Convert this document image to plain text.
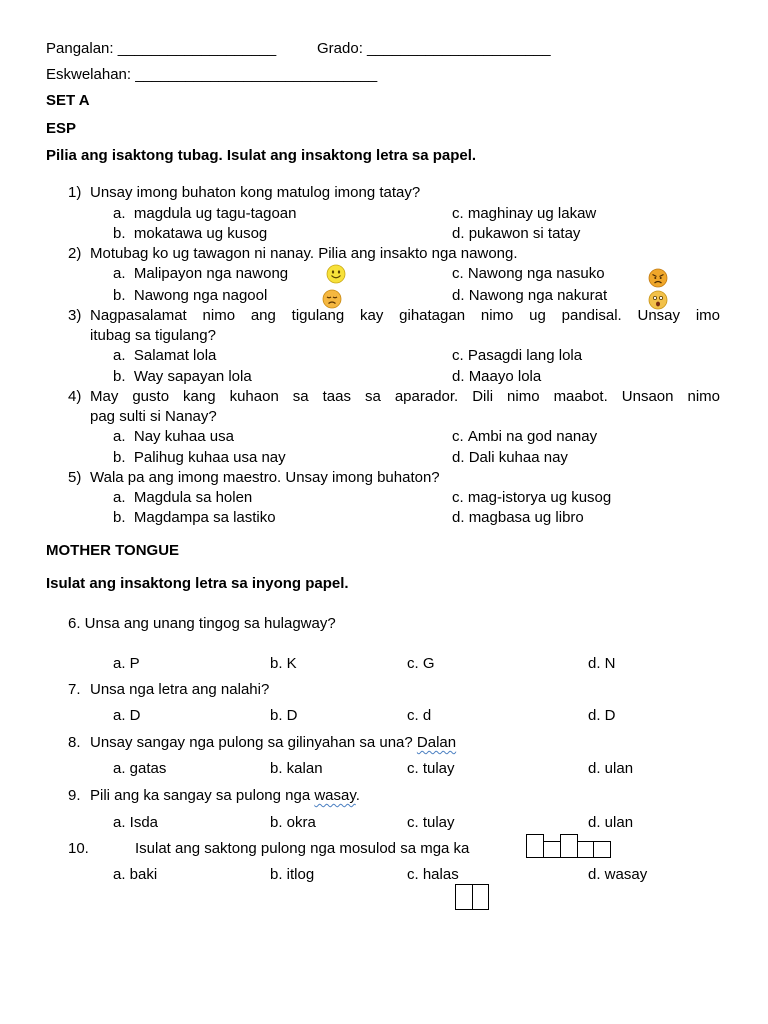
Pangalan: ___________________	Grado: ______________________
Eskwelahan: _____________________________
SET A
ESP
Pilia ang isaktong tubag. Isulat ang insaktong letra sa papel.
1) Unsay imong buhaton kong matulog imong tatay?
a. magdula ug tagu-tagoan	c. maghinay ug lakaw
b. mokatawa ug kusog	d. pukawon si tatay
2) Motubag ko ug tawagon ni nanay. Pilia ang insakto nga nawong.
a. Malipayon nga nawong	c. Nawong nga nasuko
b. Nawong nga nagool	d. Nawong nga nakurat
3) Nagpasalamat nimo ang tigulang kay gihatagan nimo ug pandisal. Unsay imo
itubag sa tigulang?
a. Salamat lola	c. Pasagdi lang lola
b. Way sapayan lola	d. Maayo lola
4) May gusto kang kuhaon sa taas sa aparador. Dili nimo maabot. Unsaon nimo
pag sulti si Nanay?
a. Nay kuhaa usa	c. Ambi na god nanay
b. Palihug kuhaa usa nay	d. Dali kuhaa nay
5) Wala pa ang imong maestro. Unsay imong buhaton?
a. Magdula sa holen	c. mag-istorya ug kusog
b. Magdampa sa lastiko	d. magbasa ug libro
MOTHER TONGUE
Isulat ang insaktong letra sa inyong papel.
6. Unsa ang unang tingog sa hulagway?
a. P	b. K	c. G	d. N
7. Unsa nga letra ang nalahi?
a. D	b. D	c. d	d. D
8. Unsay sangay nga pulong sa gilinyahan sa una? Dalan
a. gatas	b. kalan	c. tulay	d. ulan
9. Pili ang ka sangay sa pulong nga wasay.
a. Isda	b. okra	c. tulay	d. ulan
10.	Isulat ang saktong pulong nga mosulod sa mga ka
a. baki	b. itlog	c. halas	d. wasay
